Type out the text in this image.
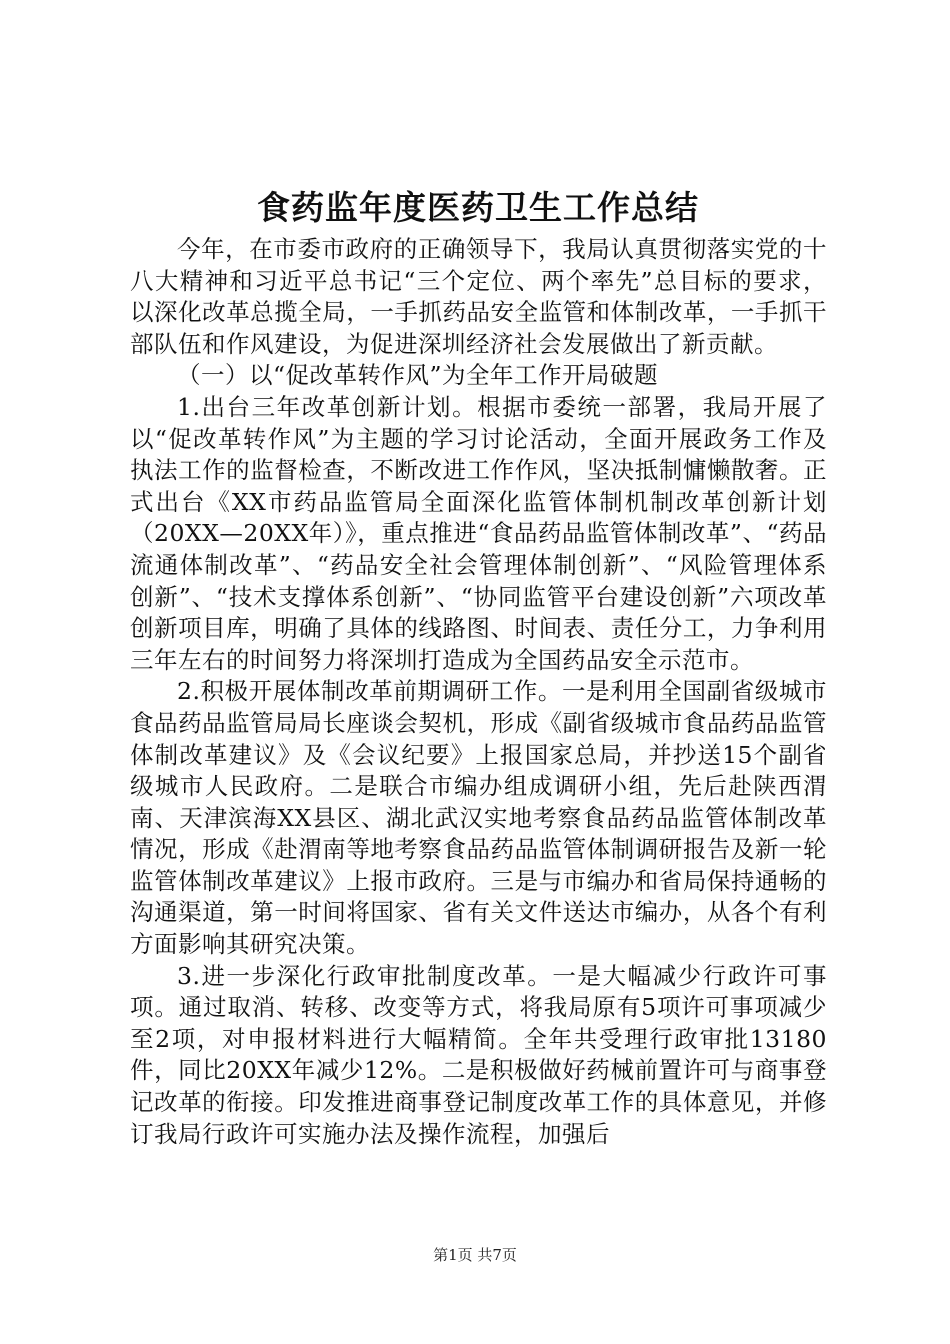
食药监年度医药卫生工作总结

今年，在市委市政府的正确领导下，我局认真贯彻落实党的十八大精神和习近平总书记“三个定位、两个率先”总目标的要求，以深化改革总揽全局，一手抓药品安全监管和体制改革，一手抓干部队伍和作风建设，为促进深圳经济社会发展做出了新贡献。

（一）以“促改革转作风”为全年工作开局破题

1.出台三年改革创新计划。根据市委统一部署，我局开展了以“促改革转作风”为主题的学习讨论活动，全面开展政务工作及执法工作的监督检查，不断改进工作作风，坚决抵制慵懒散奢。正式出台《XX市药品监管局全面深化监管体制机制改革创新计划（20XX—20XX年）》，重点推进“食品药品监管体制改革”、“药品流通体制改革”、“药品安全社会管理体制创新”、“风险管理体系创新”、“技术支撑体系创新”、“协同监管平台建设创新”六项改革创新项目库，明确了具体的线路图、时间表、责任分工，力争利用三年左右的时间努力将深圳打造成为全国药品安全示范市。

2.积极开展体制改革前期调研工作。一是利用全国副省级城市食品药品监管局局长座谈会契机，形成《副省级城市食品药品监管体制改革建议》及《会议纪要》上报国家总局，并抄送15个副省级城市人民政府。二是联合市编办组成调研小组，先后赴陕西渭南、天津滨海XX县区、湖北武汉实地考察食品药品监管体制改革情况，形成《赴渭南等地考察食品药品监管体制调研报告及新一轮监管体制改革建议》上报市政府。三是与市编办和省局保持通畅的沟通渠道，第一时间将国家、省有关文件送达市编办，从各个有利方面影响其研究决策。

3.进一步深化行政审批制度改革。一是大幅减少行政许可事项。通过取消、转移、改变等方式，将我局原有5项许可事项减少至2项，对申报材料进行大幅精简。全年共受理行政审批13180件，同比20XX年减少12%。二是积极做好药械前置许可与商事登记改革的衔接。印发推进商事登记制度改革工作的具体意见，并修订我局行政许可实施办法及操作流程，加强后

第1页 共7页
